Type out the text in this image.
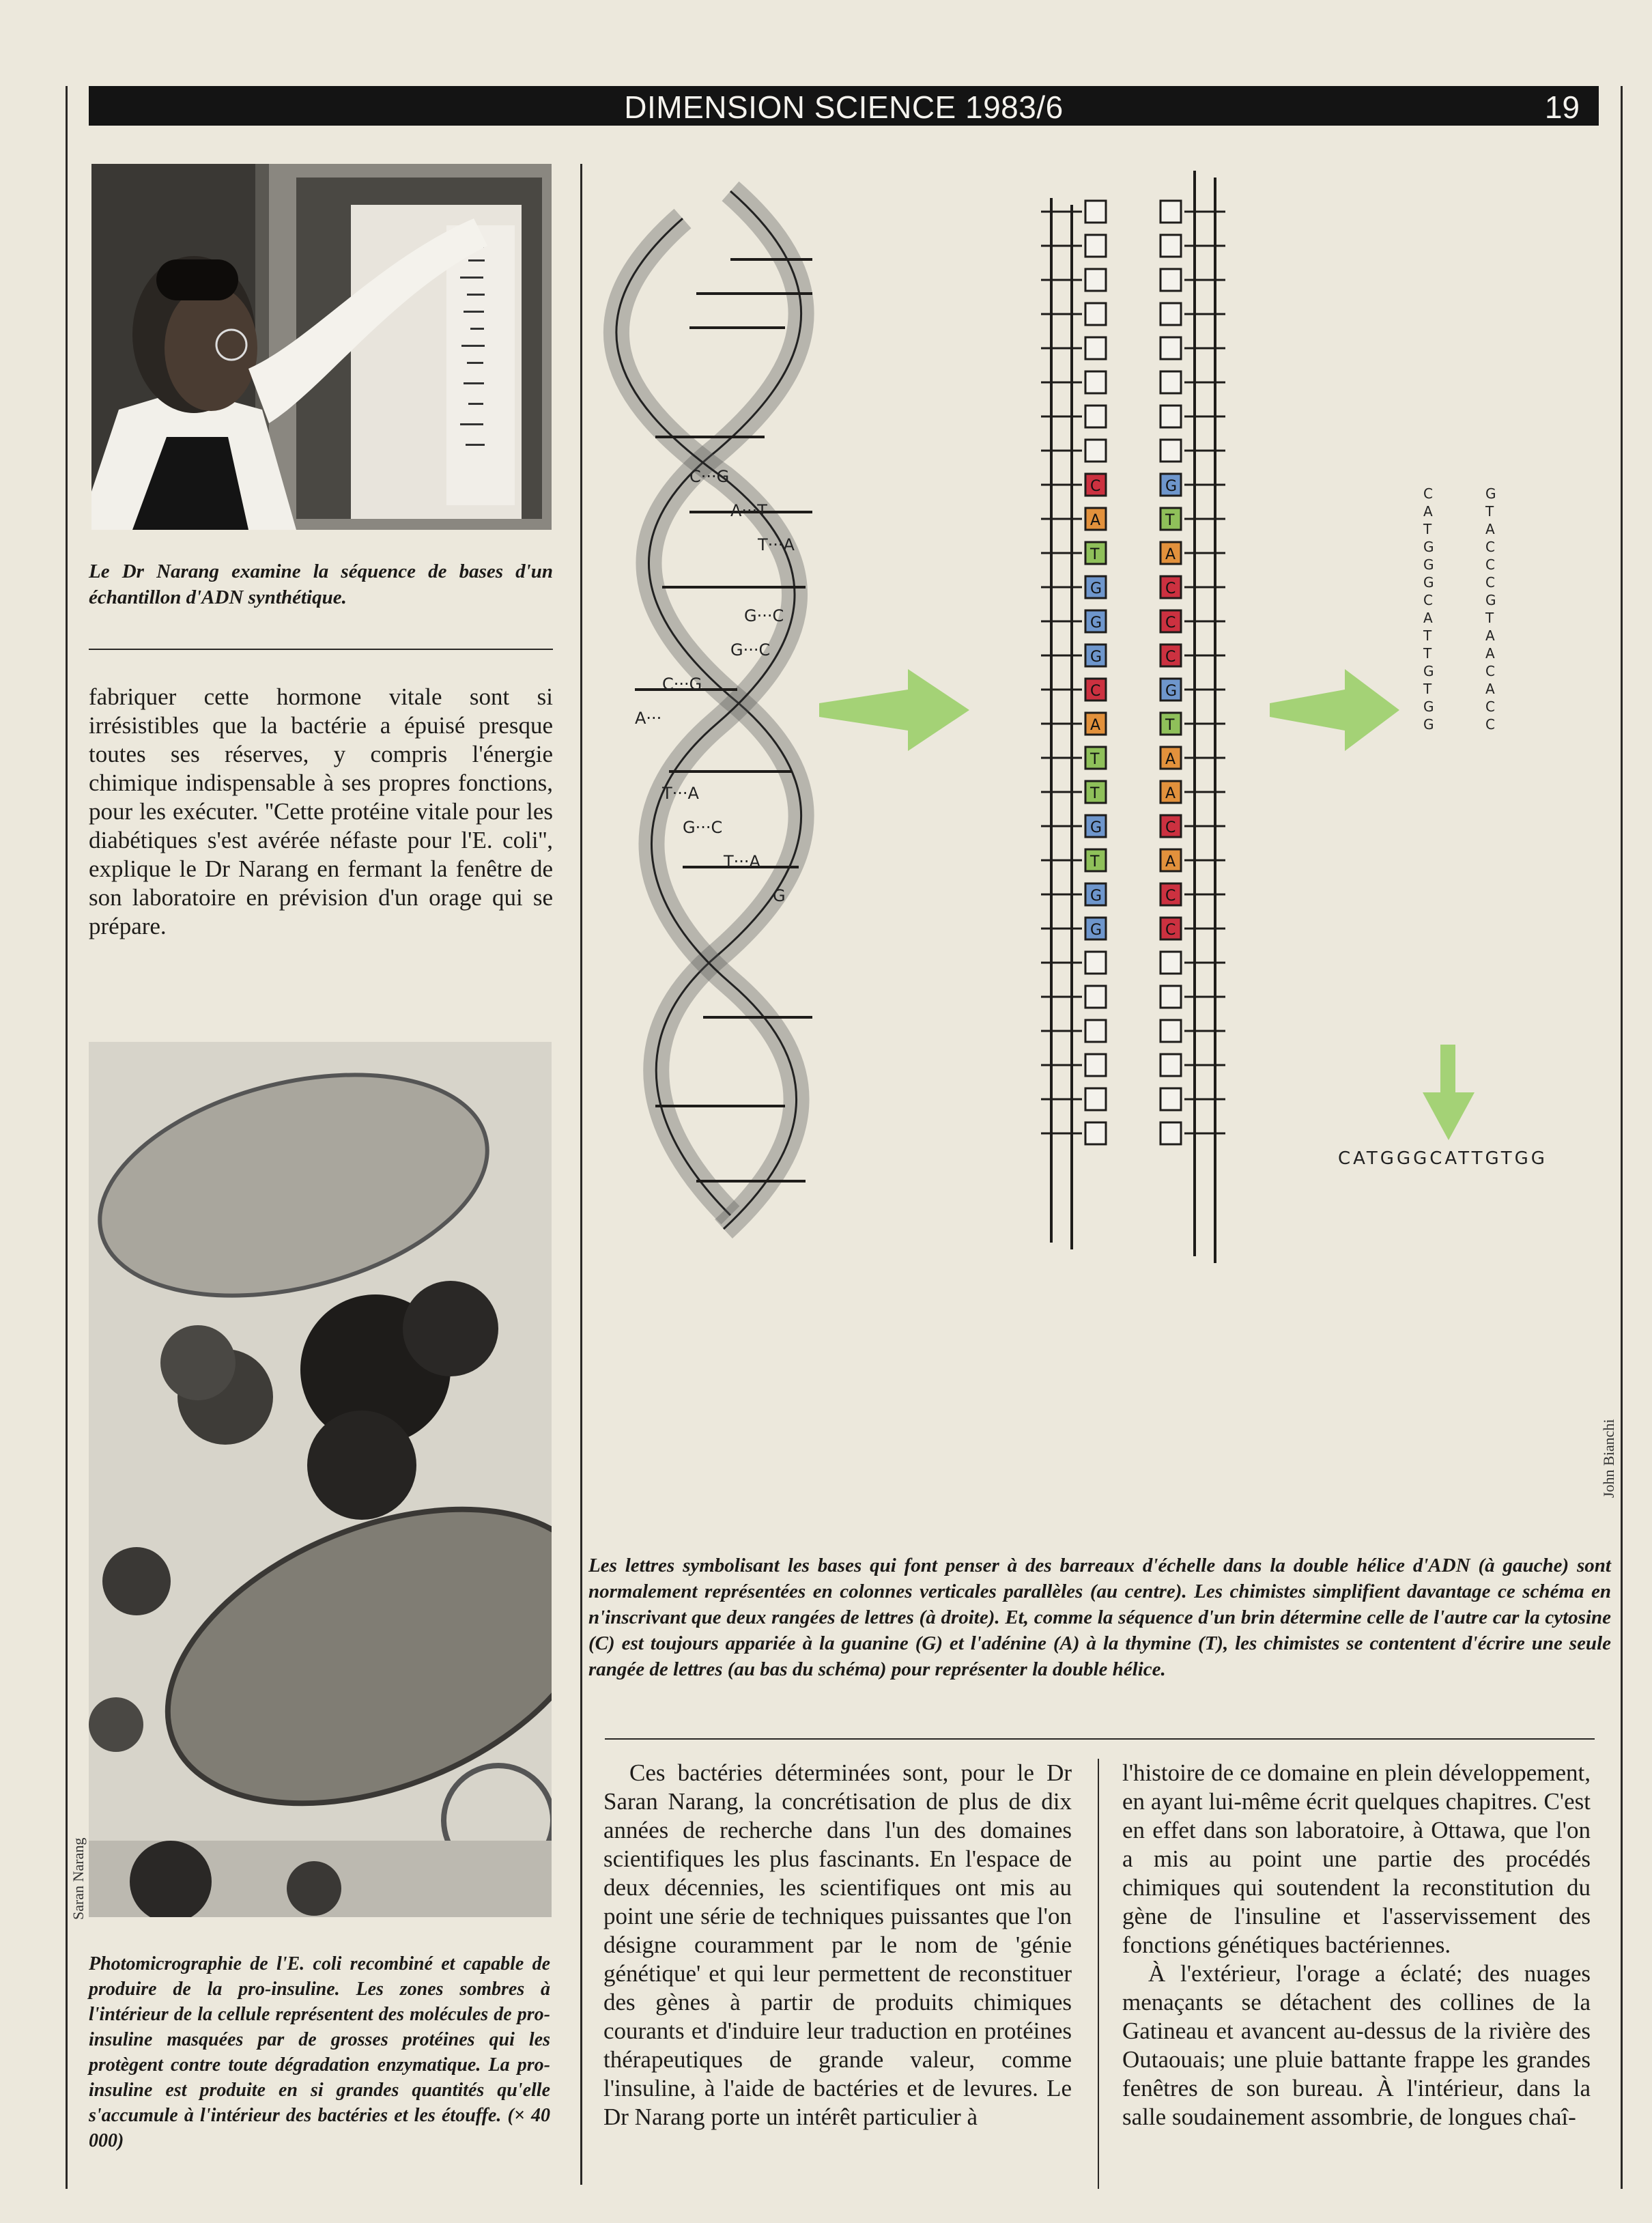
DIMENSION SCIENCE 1983/6	19
Le Dr Narang examine la séquence de bases d'un échantillon d'ADN synthétique.

fabriquer cette hormone vitale sont si irrésistibles que la bactérie a épuisé presque toutes ses réserves, y compris l'énergie chimique indispensable à ses propres fonctions, pour les exécuter. ''Cette protéine vitale pour les diabétiques s'est avérée néfaste pour l'E. coli'', explique le Dr Narang en fermant la fenêtre de son laboratoire en prévision d'un orage qui se prépare.

Saran Narang
Photomicrographie de l'E. coli recombiné et capable de produire de la pro-insuline. Les zones sombres à l'intérieur de la cellule représentent des molécules de pro-insuline masquées par de grosses protéines qui les protègent contre toute dégradation enzymatique. La pro-insuline est produite en si grandes quantités qu'elle s'accumule à l'intérieur des bactéries et les étouffe. (× 40 000)
C···G
A···T
T···A
G···C
G···C
C···G
A···
T···A
G···C
T···A
G
C
A
T
G
G
G
C
A
T
T
G
T
G
G
G
T
A
C
C
C
G
T
A
A
C
A
C
C
C
A
T
G
G
G
C
A
T
T
G
T
G
G
G
T
A
C
C
C
G
T
A
A
C
A
C
C
CATGGGCATTGTGG
John Bianchi
Les lettres symbolisant les bases qui font penser à des barreaux d'échelle dans la double hélice d'ADN (à gauche) sont normalement représentées en colonnes verticales parallèles (au centre). Les chimistes simplifient davantage ce schéma en n'inscrivant que deux rangées de lettres (à droite). Et, comme la séquence d'un brin détermine celle de l'autre car la cytosine (C) est toujours appariée à la guanine (G) et l'adénine (A) à la thymine (T), les chimistes se contentent d'écrire une seule rangée de lettres (au bas du schéma) pour représenter la double hélice.

Ces bactéries déterminées sont, pour le Dr Saran Narang, la concrétisation de plus de dix années de recherche dans l'un des domaines scientifiques les plus fascinants. En l'espace de deux décennies, les scientifiques ont mis au point une série de techniques puissantes que l'on désigne couramment par le nom de 'génie génétique' et qui leur permettent de reconstituer des gènes à partir de produits chimiques courants et d'induire leur traduction en protéines thérapeutiques de grande valeur, comme l'insuline, à l'aide de bactéries et de levures. Le Dr Narang porte un intérêt particulier à

l'histoire de ce domaine en plein développement, en ayant lui-même écrit quelques chapitres. C'est en effet dans son laboratoire, à Ottawa, que l'on a mis au point une partie des procédés chimiques qui soutendent la reconstitution du gène de l'insuline et l'asservissement des fonctions génétiques bactériennes.

À l'extérieur, l'orage a éclaté; des nuages menaçants se détachent des collines de la Gatineau et avancent au-dessus de la rivière des Outaouais; une pluie battante frappe les grandes fenêtres de son bureau. À l'intérieur, dans la salle soudainement assombrie, de longues chaî-
